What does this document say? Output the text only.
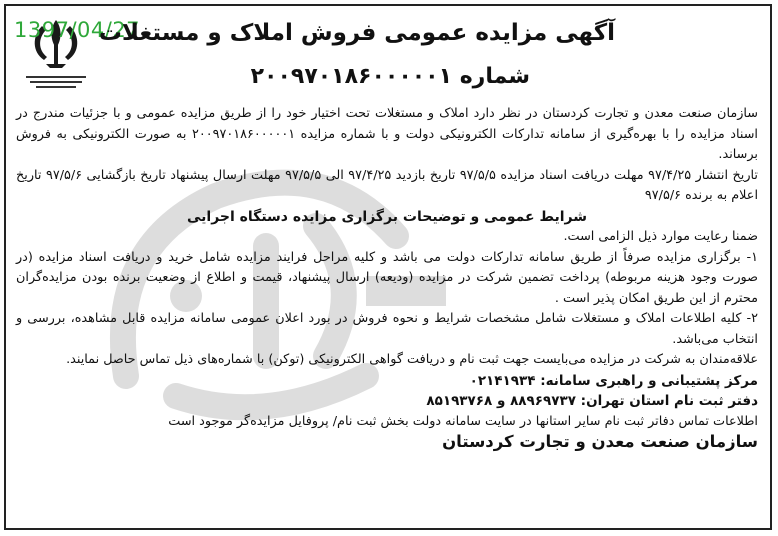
1397/04/27
آگهی مزایده عمومی فروش املاک و مستغلات
شماره ۲۰۰۹۷۰۱۸۶۰۰۰۰۰۱

سازمان صنعت معدن و تجارت کردستان در نظر دارد املاک و مستغلات تحت اختیار خود را از طریق مزایده عمومی و با جزئیات مندرج در اسناد مزایده را با بهره‌گیری از سامانه تدارکات الکترونیکی دولت و با شماره مزایده ۲۰۰۹۷۰۱۸۶۰۰۰۰۰۱ به صورت الکترونیکی به فروش برساند.

تاریخ انتشار ۹۷/۴/۲۵ مهلت دریافت اسناد مزایده ۹۷/۵/۵ تاریخ بازدید ۹۷/۴/۲۵ الی ۹۷/۵/۵ مهلت ارسال پیشنهاد تاریخ بازگشایی ۹۷/۵/۶ تاریخ اعلام به برنده ۹۷/۵/۶

شرایط عمومی و توضیحات برگزاری مزایده دستگاه اجرایی

ضمنا رعایت موارد ذیل الزامی است.

۱- برگزاری مزایده صرفاً از طریق سامانه تدارکات دولت می باشد و کلیه مراحل فرایند مزایده شامل خرید و دریافت اسناد مزایده (در صورت وجود هزینه مربوطه) پرداخت تضمین شرکت در مزایده (ودیعه) ارسال پیشنهاد، قیمت و اطلاع از وضعیت برنده بودن مزایده‌گران محترم از این طریق امکان پذیر است .

۲- کلیه اطلاعات املاک و مستغلات شامل مشخصات شرایط و نحوه فروش در بورد اعلان عمومی سامانه مزایده قابل مشاهده، بررسی و انتخاب می‌باشد.

علاقه‌مندان به شرکت در مزایده می‌بایست جهت ثبت نام و دریافت گواهی الکترونیکی (توکن) با شماره‌های ذیل تماس حاصل نمایند.

مرکز پشتیبانی و راهبری سامانه: ۰۲۱۴۱۹۳۴

دفتر ثبت نام استان تهران: ۸۸۹۶۹۷۳۷ و ۸۵۱۹۳۷۶۸

اطلاعات تماس دفاتر ثبت نام سایر استانها در سایت سامانه دولت بخش ثبت نام/ پروفایل مزایده‌گر موجود است

سازمان صنعت معدن و تجارت کردستان
